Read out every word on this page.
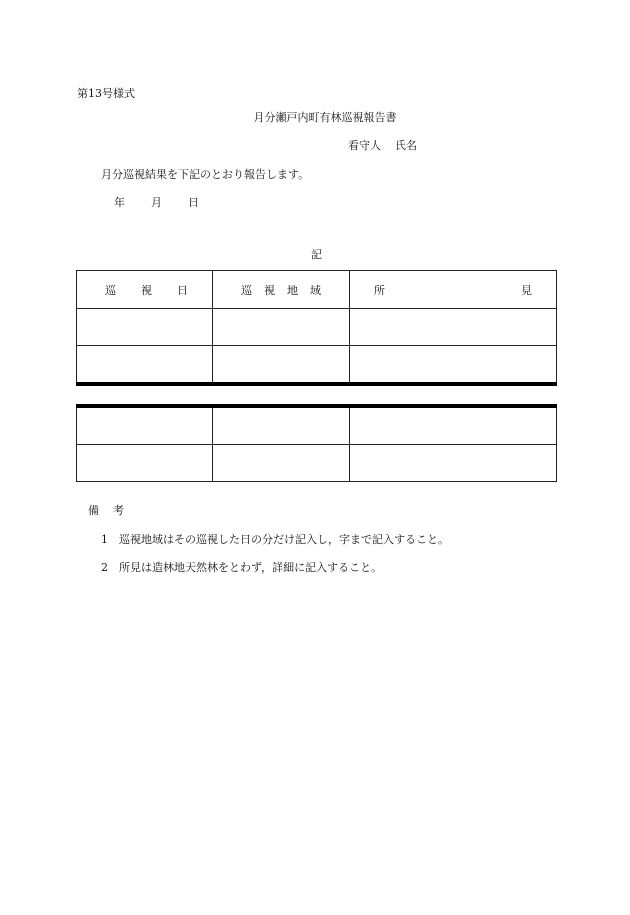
第13号様式
月分瀬戸内町有林巡視報告書
看守人 氏名
月分巡視結果を下記のとおり報告します。
年 月 日
記
巡 視 日	巡 視 地 域	所 見

備 考
1 巡視地域はその巡視した日の分だけ記入し，字まで記入すること。
2 所見は造林地天然林をとわず，詳細に記入すること。
